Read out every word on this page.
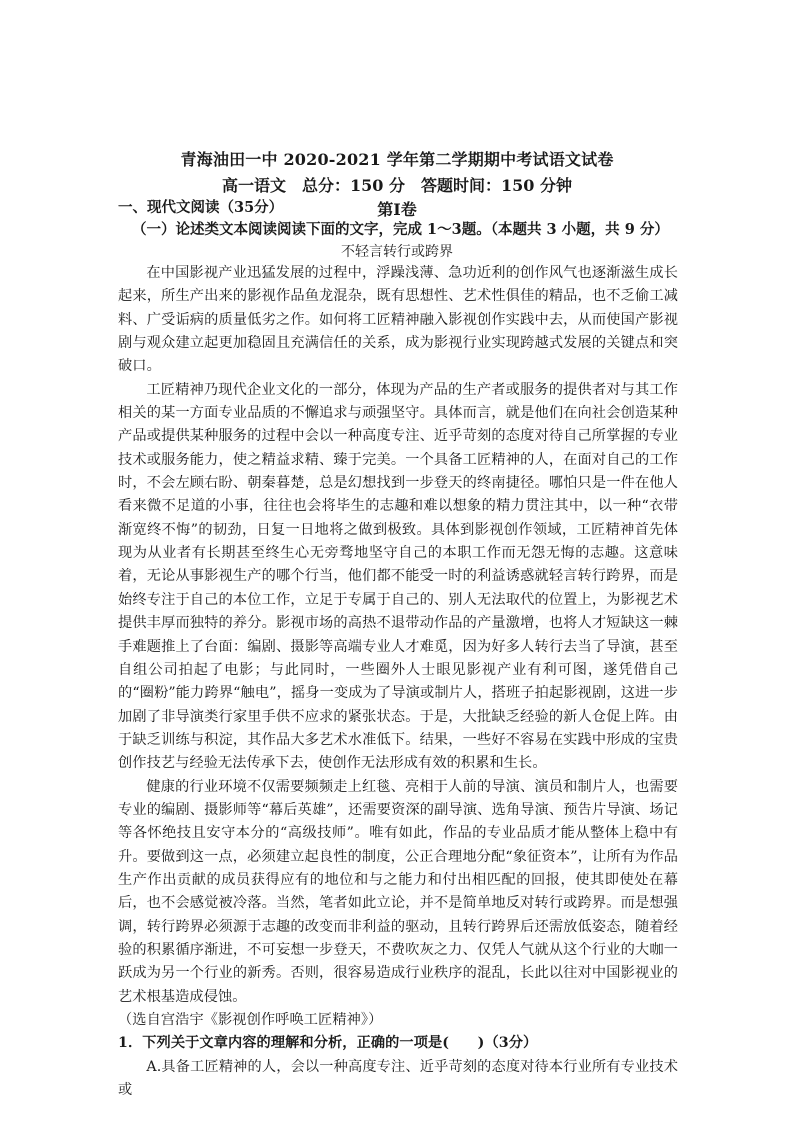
青海油田一中 2020-2021 学年第二学期期中考试语文试卷
高一语文　总分：150 分　答题时间：150 分钟
第Ⅰ卷
一、现代文阅读（35分）
（一）论述类文本阅读阅读下面的文字，完成 1～3题。（本题共 3 小题，共 9 分）
不轻言转行或跨界

在中国影视产业迅猛发展的过程中，浮躁浅薄、急功近利的创作风气也逐渐滋生成长起来，所生产出来的影视作品鱼龙混杂，既有思想性、艺术性俱佳的精品，也不乏偷工减料、广受诟病的质量低劣之作。如何将工匠精神融入影视创作实践中去，从而使国产影视剧与观众建立起更加稳固且充满信任的关系，成为影视行业实现跨越式发展的关键点和突破口。

工匠精神乃现代企业文化的一部分，体现为产品的生产者或服务的提供者对与其工作相关的某一方面专业品质的不懈追求与顽强坚守。具体而言，就是他们在向社会创造某种产品或提供某种服务的过程中会以一种高度专注、近乎苛刻的态度对待自己所掌握的专业技术或服务能力，使之精益求精、臻于完美。一个具备工匠精神的人，在面对自己的工作时，不会左顾右盼、朝秦暮楚，总是幻想找到一步登天的终南捷径。哪怕只是一件在他人看来微不足道的小事，往往也会将毕生的志趣和难以想象的精力贯注其中，以一种“衣带渐宽终不悔”的韧劲，日复一日地将之做到极致。具体到影视创作领域，工匠精神首先体现为从业者有长期甚至终生心无旁骛地坚守自己的本职工作而无怨无悔的志趣。这意味着，无论从事影视生产的哪个行当，他们都不能受一时的利益诱惑就轻言转行跨界，而是始终专注于自己的本位工作，立足于专属于自己的、别人无法取代的位置上，为影视艺术提供丰厚而独特的养分。影视市场的高热不退带动作品的产量激增，也将人才短缺这一棘手难题推上了台面：编剧、摄影等高端专业人才难觅，因为好多人转行去当了导演，甚至自组公司拍起了电影；与此同时，一些圈外人士眼见影视产业有利可图，遂凭借自己的“圈粉”能力跨界“触电”，摇身一变成为了导演或制片人，搭班子拍起影视剧，这进一步加剧了非导演类行家里手供不应求的紧张状态。于是，大批缺乏经验的新人仓促上阵。由于缺乏训练与积淀，其作品大多艺术水准低下。结果，一些好不容易在实践中形成的宝贵创作技艺与经验无法传承下去，使创作无法形成有效的积累和生长。

健康的行业环境不仅需要频频走上红毯、亮相于人前的导演、演员和制片人，也需要专业的编剧、摄影师等“幕后英雄”，还需要资深的副导演、选角导演、预告片导演、场记等各怀绝技且安守本分的“高级技师”。唯有如此，作品的专业品质才能从整体上稳中有升。要做到这一点，必须建立起良性的制度，公正合理地分配“象征资本”，让所有为作品生产作出贡献的成员获得应有的地位和与之能力和付出相匹配的回报，使其即使处在幕后，也不会感觉被冷落。当然，笔者如此立论，并不是简单地反对转行或跨界。而是想强调，转行跨界必须源于志趣的改变而非利益的驱动，且转行跨界后还需放低姿态，随着经验的积累循序渐进，不可妄想一步登天，不费吹灰之力、仅凭人气就从这个行业的大咖一跃成为另一个行业的新秀。否则，很容易造成行业秩序的混乱，长此以往对中国影视业的艺术根基造成侵蚀。

（选自宫浩宇《影视创作呼唤工匠精神》）

1．下列关于文章内容的理解和分析，正确的一项是(　　)（3分）

A.具备工匠精神的人，会以一种高度专注、近乎苛刻的态度对待本行业所有专业技术或
